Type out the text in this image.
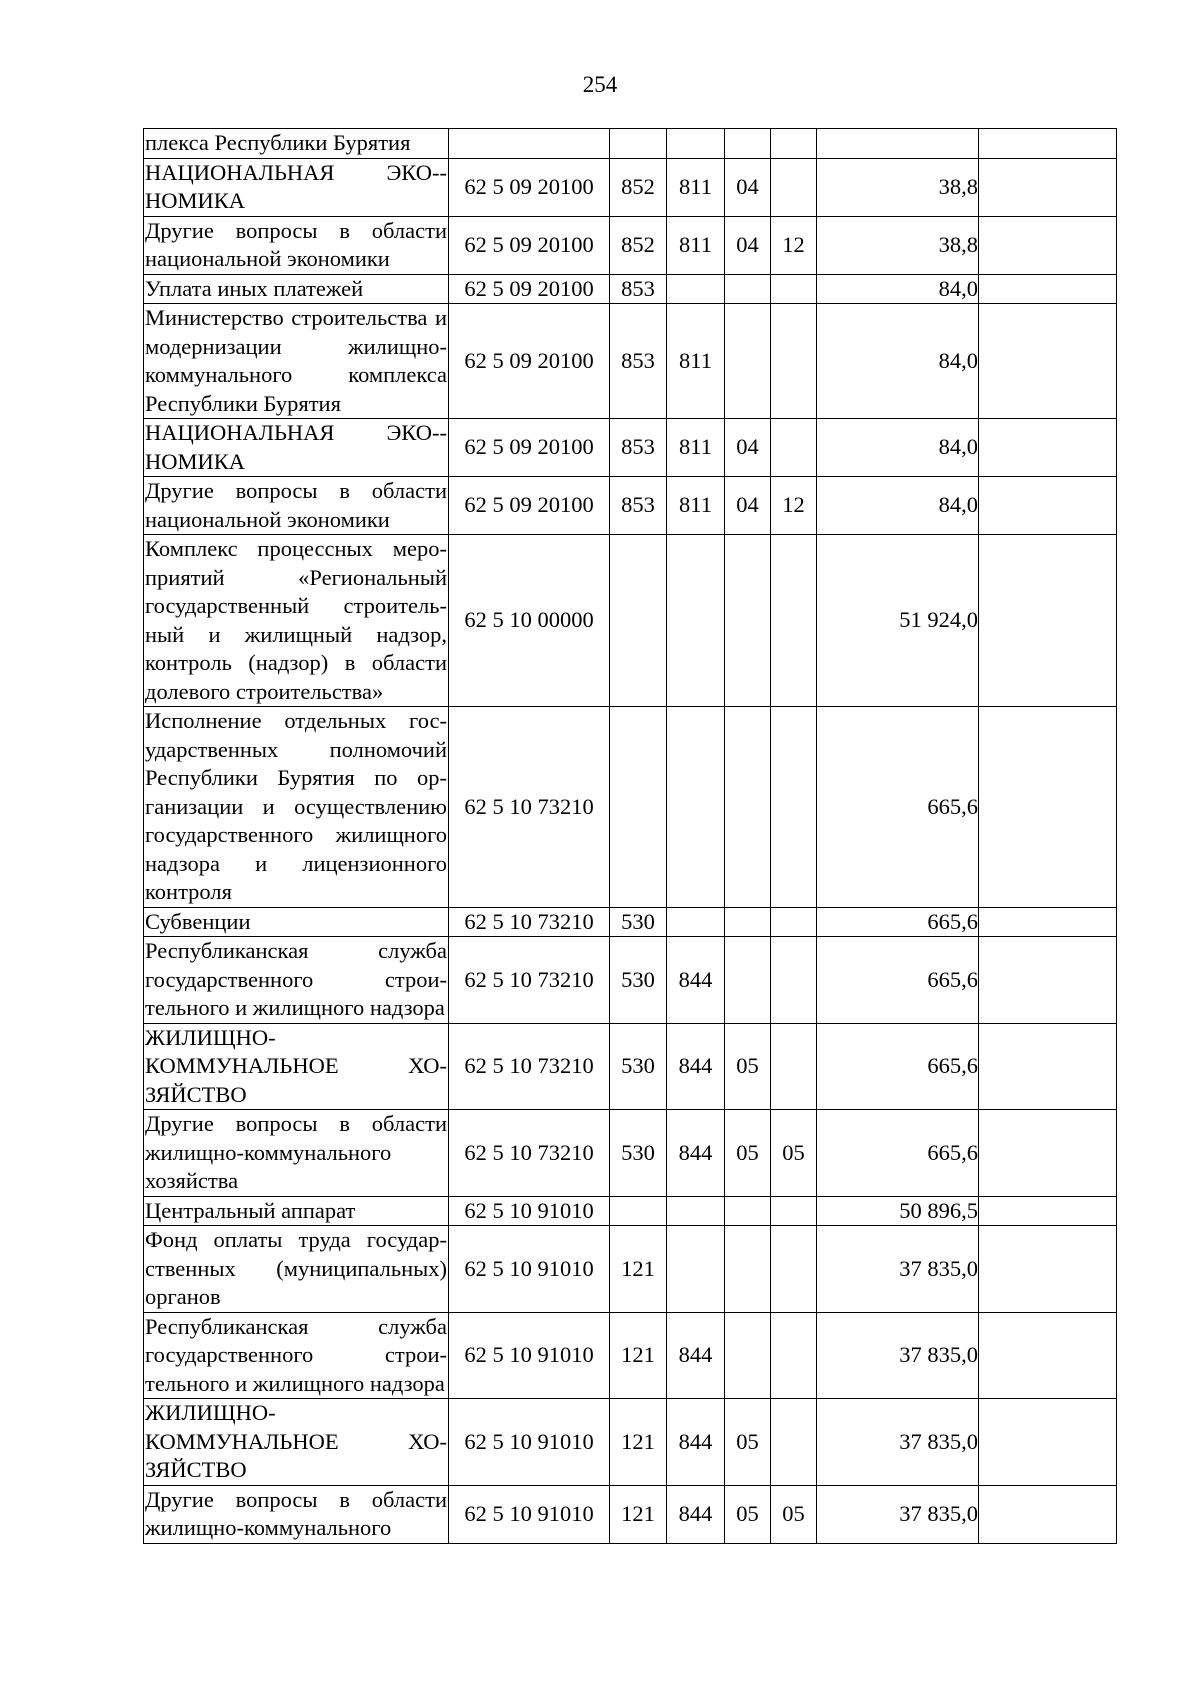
254
плекса Республики Бурятия							
НАЦИОНАЛЬНАЯ ЭКО-НОМИКА	62 5 09 20100	852	811	04		38,8	
Другие вопросы в области национальной экономики	62 5 09 20100	852	811	04	12	38,8	
Уплата иных платежей	62 5 09 20100	853				84,0	
Министерство строительства и модернизации жилищно-коммунального комплекса Республики Бурятия	62 5 09 20100	853	811			84,0	
НАЦИОНАЛЬНАЯ ЭКО-НОМИКА	62 5 09 20100	853	811	04		84,0	
Другие вопросы в области национальной экономики	62 5 09 20100	853	811	04	12	84,0	
Комплекс процессных мероприятий «Региональный государственный строительный и жилищный надзор, контроль (надзор) в области долевого строительства»	62 5 10 00000					51 924,0	
Исполнение отдельных государственных полномочий Республики Бурятия по организации и осуществлению государственного жилищного надзора и лицензионного контроля	62 5 10 73210					665,6	
Субвенции	62 5 10 73210	530				665,6	
Республиканская служба государственного строительного и жилищного надзора	62 5 10 73210	530	844			665,6	
ЖИЛИЩНО-КОММУНАЛЬНОЕ ХОЗЯЙСТВО	62 5 10 73210	530	844	05		665,6	
Другие вопросы в области жилищно-коммунального хозяйства	62 5 10 73210	530	844	05	05	665,6	
Центральный аппарат	62 5 10 91010					50 896,5	
Фонд оплаты труда государственных (муниципальных) органов	62 5 10 91010	121				37 835,0	
Республиканская служба государственного строительного и жилищного надзора	62 5 10 91010	121	844			37 835,0	
ЖИЛИЩНО-КОММУНАЛЬНОЕ ХОЗЯЙСТВО	62 5 10 91010	121	844	05		37 835,0	
Другие вопросы в области жилищно-коммунального	62 5 10 91010	121	844	05	05	37 835,0	
